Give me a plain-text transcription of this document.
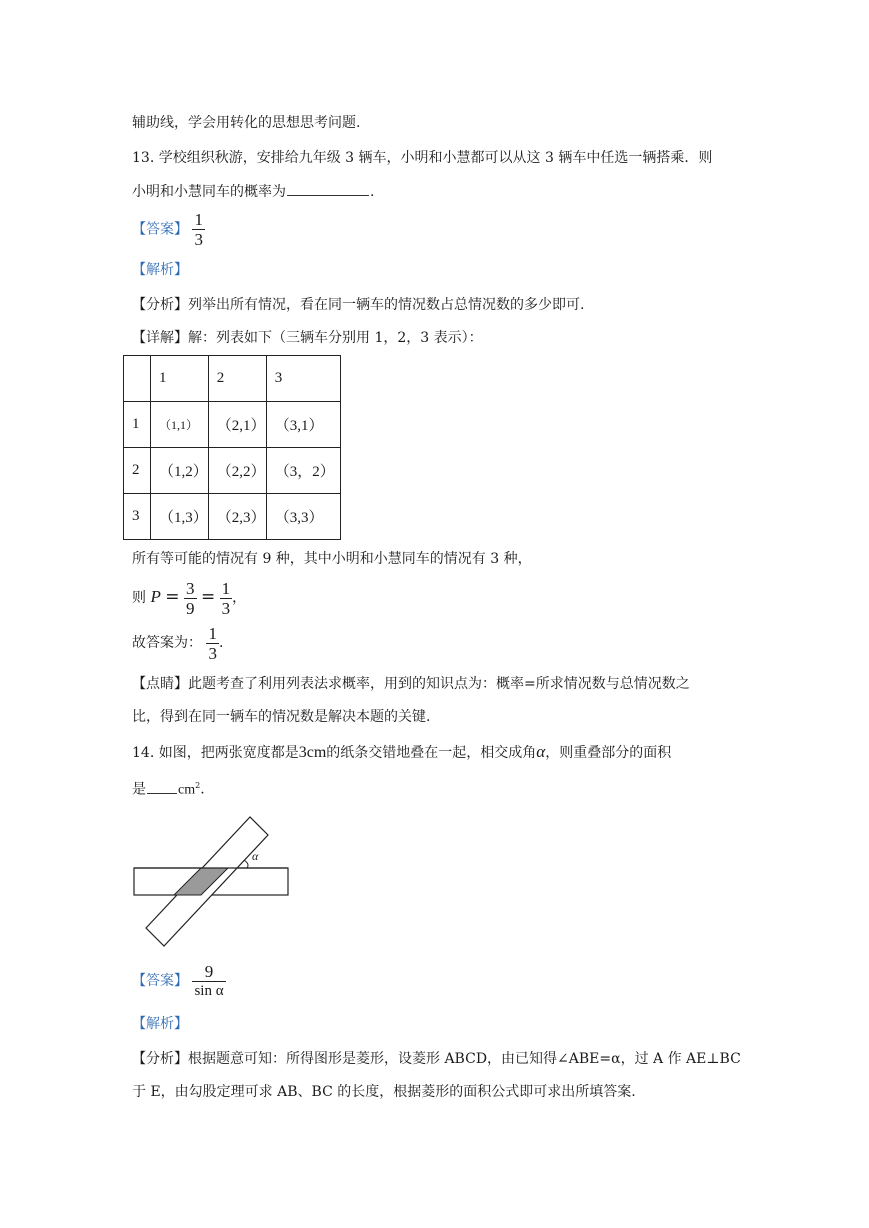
辅助线，学会用转化的思想思考问题.
13. 学校组织秋游，安排给九年级 3 辆车，小明和小慧都可以从这 3 辆车中任选一辆搭乘．则
小明和小慧同车的概率为	.
【答案】 $\frac{1}{3}$
【解析】
【分析】列举出所有情况，看在同一辆车的情况数占总情况数的多少即可.
【详解】解：列表如下（三辆车分别用 1，2，3 表示）：
	1	2	3
1	（1,1）	（2,1）	（3,1）
2	（1,2）	（2,2）	（3，2）
3	（1,3）	（2,3）	（3,3）
所有等可能的情况有 9 种，其中小明和小慧同车的情况有 3 种，
则 $P = \frac{3}{9} = \frac{1}{3}$ ，
故答案为： $\frac{1}{3}$ .
【点睛】此题考查了利用列表法求概率，用到的知识点为：概率=所求情况数与总情况数之
比，得到在同一辆车的情况数是解决本题的关键.
14. 如图，把两张宽度都是3cm的纸条交错地叠在一起，相交成角α，则重叠部分的面积
是 $cm^2$.
α
【答案】 $\frac{9}{\text{sin α}}$
【解析】
【分析】根据题意可知：所得图形是菱形，设菱形 ABCD，由已知得∠ABE=α，过 A 作 AE⊥BC
于 E，由勾股定理可求 AB、BC 的长度，根据菱形的面积公式即可求出所填答案.
